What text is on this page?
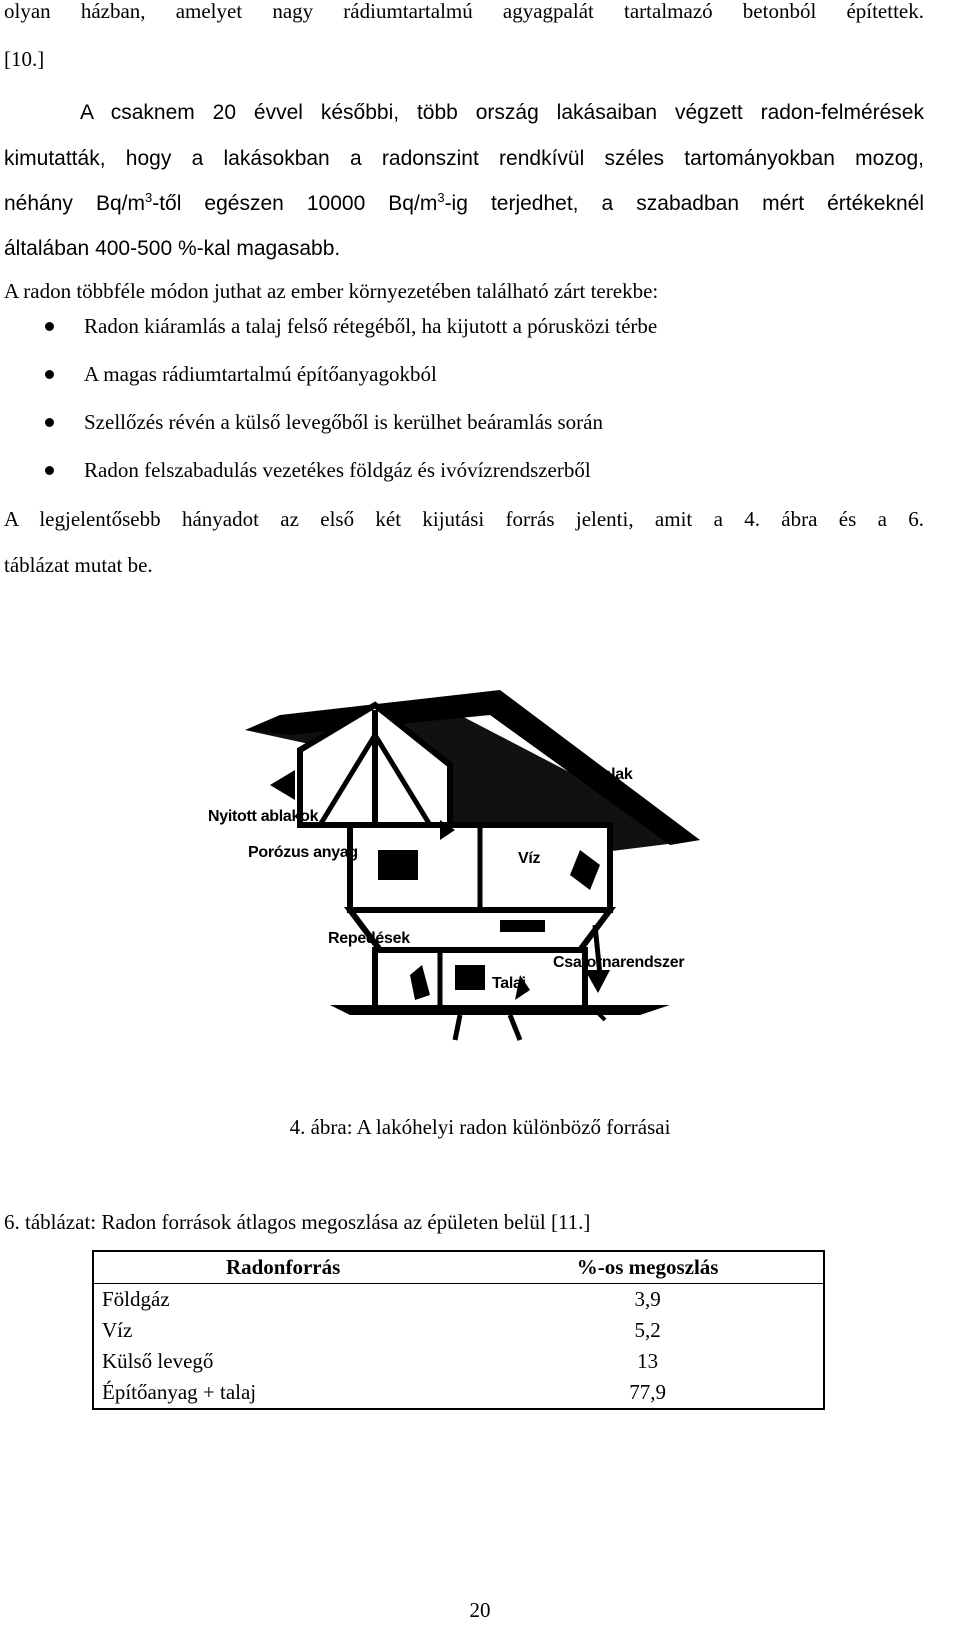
olyan házban, amelyet nagy rádiumtartalmú agyagpalát tartalmazó betonból építettek.

[10.]

A csaknem 20 évvel későbbi, több ország lakásaiban végzett radon-felmérések

kimutatták, hogy a lakásokban a radonszint rendkívül széles tartományokban mozog,

néhány $Bq/m^3$-től egészen 10000 $Bq/m^3-ig$ terjedhet, a szabadban mért értékeknél

általában 400-500 %-kal magasabb.

A radon többféle módon juthat az ember környezetében található zárt terekbe:

Radon kiáramlás a talaj felső rétegéből, ha kijutott a pórusközi térbe
A magas rádiumtartalmú építőanyagokból
Szellőzés révén a külső levegőből is kerülhet beáramlás során
Radon felszabadulás vezetékes földgáz és ivóvízrendszerből

A legjelentősebb hányadot az első két kijutási forrás jelenti, amit a 4. ábra és a 6.

táblázat mutat be.

Falak
Nyitott ablakok
Porózus anyag	Víz
Repedések
Csatornarendszer
Talaj
4. ábra: A lakóhelyi radon különböző forrásai
6. táblázat: Radon források átlagos megoszlása az épületen belül [11.]
Radonforrás	%-os megoszlás
Földgáz	3,9
Víz	5,2
Külső levegő	13
Építőanyag + talaj	77,9
20
